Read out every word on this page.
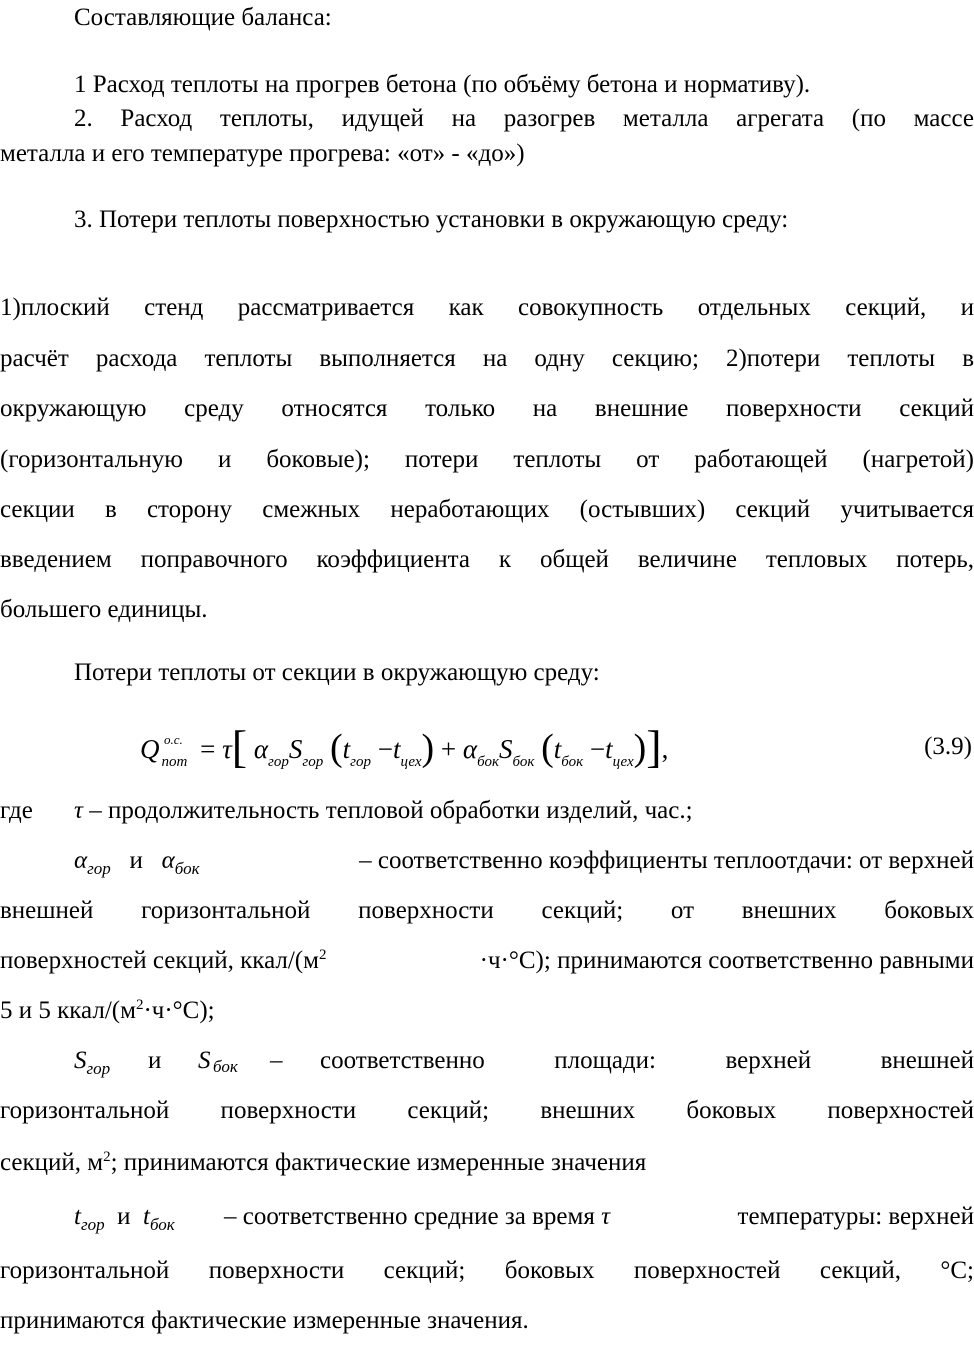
Составляющие баланса:
1 Расход теплоты на прогрев бетона (по объёму бетона и нормативу).
2. Расход теплоты, идущей на разогрев металла агрегата (по массе
металла и его температуре прогрева: «от» - «до»)
3. Потери теплоты поверхностью установки в окружающую среду:
1)плоский стенд рассматривается как совокупность отдельных секций, и
расчёт расхода теплоты выполняется на одну секцию; 2)потери теплоты в
окружающую среду относятся только на внешние поверхности секций
(горизонтальную и боковые); потери теплоты от работающей (нагретой)
секции в сторону смежных неработающих (остывших) секций учитывается
введением поправочного коэффициента к общей величине тепловых потерь,
большего единицы.
Потери теплоты от секции в окружающую среду:
Q о.с.
$_{пот}$ = τ[ $\alpha_{гор}S_{гор}$ $(t_{гор} -t_{цех}) + \alpha_{бок}S_{бок}$ $(t_{бок} -t_{цех})$],	(3.9)
где τ – продолжительность тепловой обработки изделий, час.;
$\alpha_{гор}$ и $\alpha_{бок}$	– соответственно коэффициенты теплоотдачи: от верхней
внешней горизонтальной поверхности секций; от внешних боковых
поверхностей секций, ккал/($м^2$	·ч·°С); принимаются соответственно равными
5 и 5 ккал/$(м^2\cdot ч\cdot^\circ С)$;
$S_{гор}$ и S бок – соответственно площади: верхней внешней
горизонтальной поверхности секций; внешних боковых поверхностей
секций, $м^2$; принимаются фактические измеренные значения
$t_{гор}$ и $t_{бок}$ – соответственно средние за время τ	температуры: верхней
горизонтальной поверхности секций; боковых поверхностей секций, °С;
принимаются фактические измеренные значения.
